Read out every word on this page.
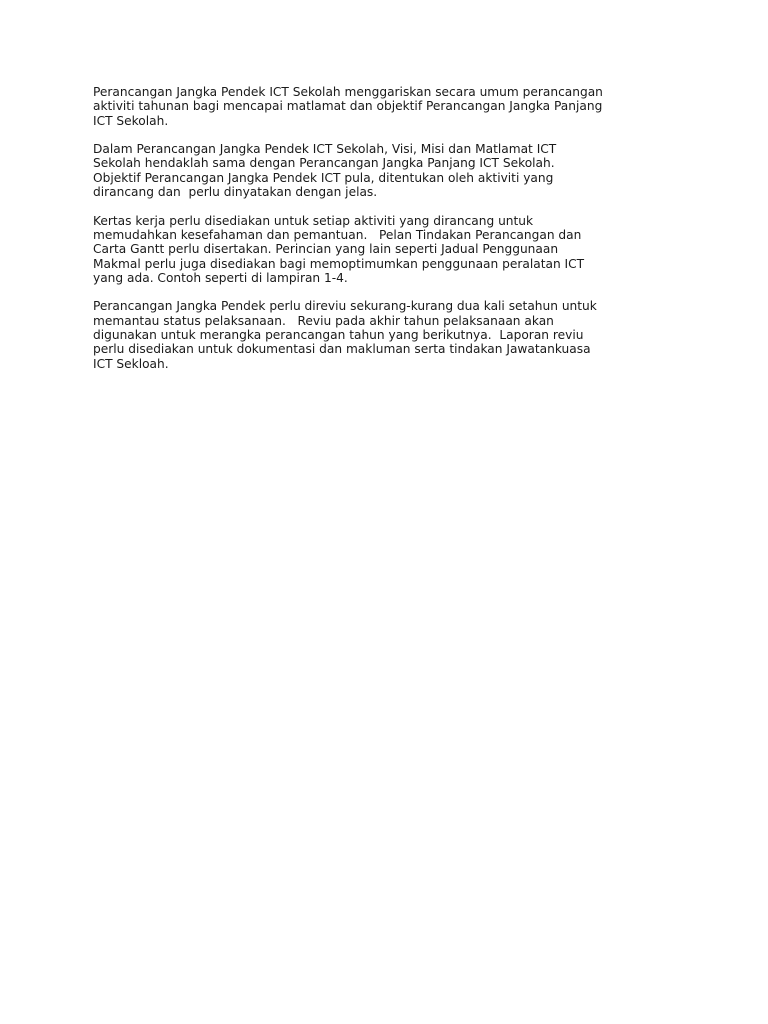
Perancangan Jangka Pendek ICT Sekolah menggariskan secara umum perancangan
aktiviti tahunan bagi mencapai matlamat dan objektif Perancangan Jangka Panjang
ICT Sekolah.

Dalam Perancangan Jangka Pendek ICT Sekolah, Visi, Misi dan Matlamat ICT
Sekolah hendaklah sama dengan Perancangan Jangka Panjang ICT Sekolah.
Objektif Perancangan Jangka Pendek ICT pula, ditentukan oleh aktiviti yang
dirancang dan  perlu dinyatakan dengan jelas.

Kertas kerja perlu disediakan untuk setiap aktiviti yang dirancang untuk
memudahkan kesefahaman dan pemantuan.   Pelan Tindakan Perancangan dan
Carta Gantt perlu disertakan. Perincian yang lain seperti Jadual Penggunaan
Makmal perlu juga disediakan bagi memoptimumkan penggunaan peralatan ICT
yang ada. Contoh seperti di lampiran 1-4.

Perancangan Jangka Pendek perlu direviu sekurang-kurang dua kali setahun untuk
memantau status pelaksanaan.   Reviu pada akhir tahun pelaksanaan akan
digunakan untuk merangka perancangan tahun yang berikutnya.  Laporan reviu
perlu disediakan untuk dokumentasi dan makluman serta tindakan Jawatankuasa
ICT Sekloah.
